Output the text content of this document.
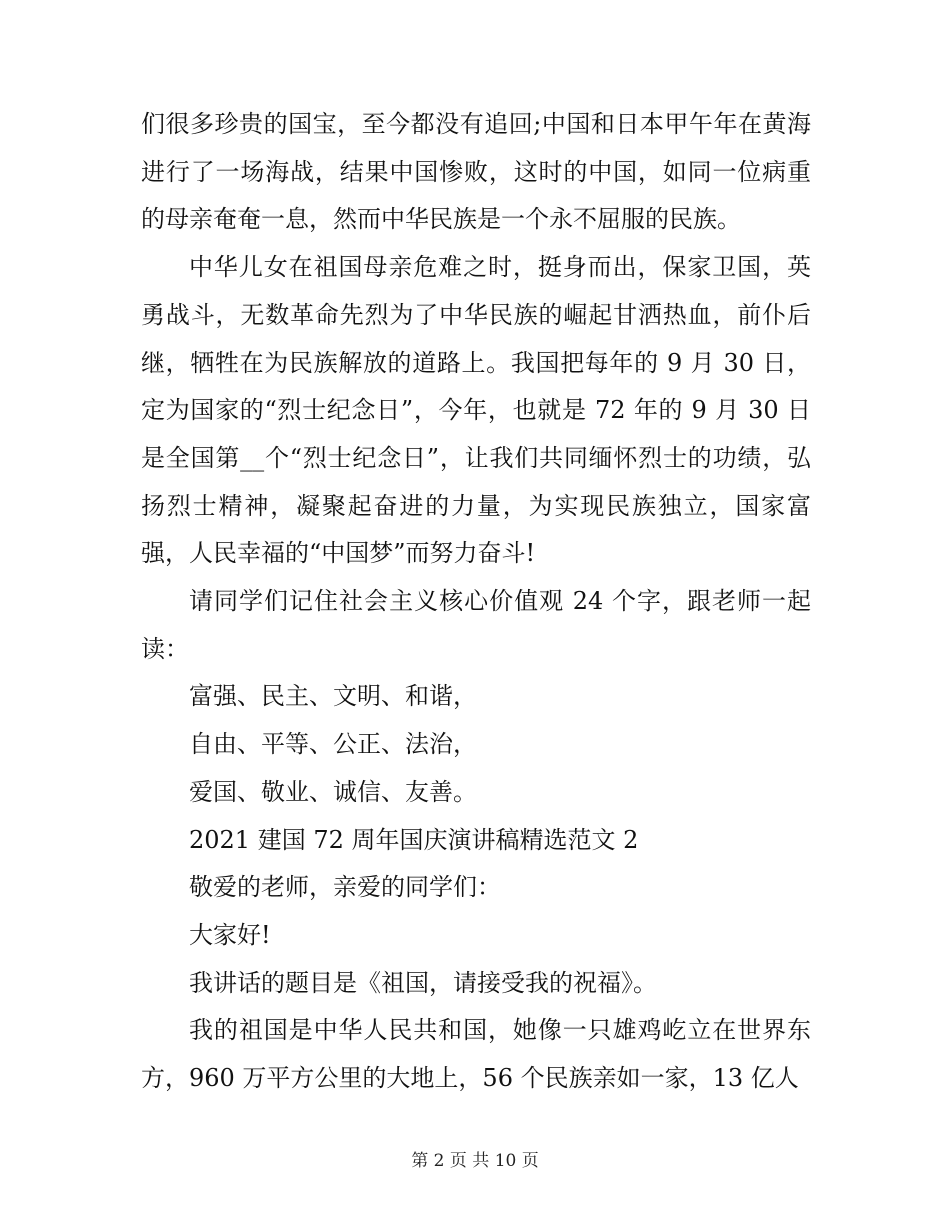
们很多珍贵的国宝，至今都没有追回;中国和日本甲午年在黄海进行了一场海战，结果中国惨败，这时的中国，如同一位病重的母亲奄奄一息，然而中华民族是一个永不屈服的民族。

中华儿女在祖国母亲危难之时，挺身而出，保家卫国，英勇战斗，无数革命先烈为了中华民族的崛起甘洒热血，前仆后继，牺牲在为民族解放的道路上。我国把每年的 9 月 30 日，定为国家的“烈士纪念日”，今年，也就是 72 年的 9 月 30 日是全国第__个“烈士纪念日”，让我们共同缅怀烈士的功绩，弘扬烈士精神，凝聚起奋进的力量，为实现民族独立，国家富强，人民幸福的“中国梦”而努力奋斗!

请同学们记住社会主义核心价值观 24 个字，跟老师一起读：

富强、民主、文明、和谐，

自由、平等、公正、法治，

爱国、敬业、诚信、友善。

2021 建国 72 周年国庆演讲稿精选范文 2

敬爱的老师，亲爱的同学们：

大家好!

我讲话的题目是《祖国，请接受我的祝福》。

我的祖国是中华人民共和国，她像一只雄鸡屹立在世界东方，960 万平方公里的大地上，56 个民族亲如一家，13 亿人

第 2 页 共 10 页
